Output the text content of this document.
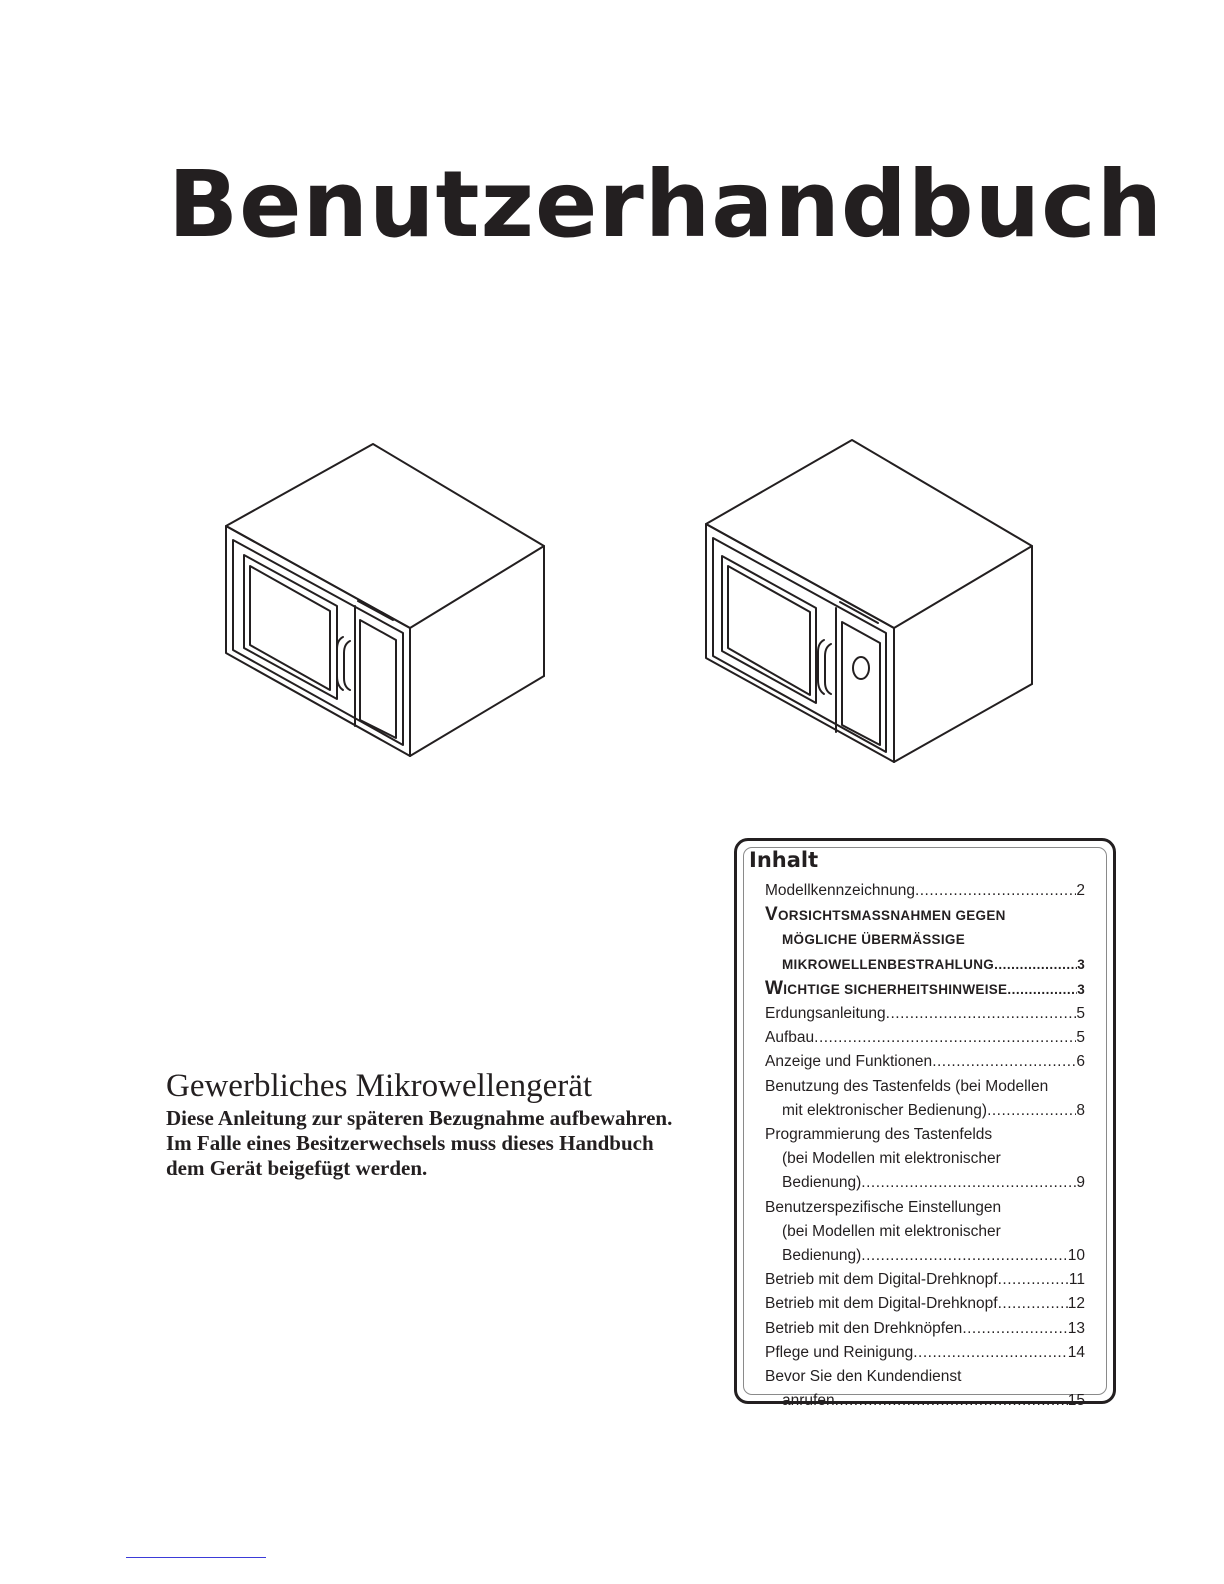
Benutzerhandbuch
Gewerbliches Mikrowellengerät

Diese Anleitung zur späteren Bezugnahme aufbewahren.
Im Falle eines Besitzerwechsels muss dieses Handbuch
dem Gerät beigefügt werden.

Inhalt
Modellkennzeichnung .....	2
VORSICHTSMASSNAHMEN GEGEN
MÖGLICHE ÜBERMÄSSIGE
MIKROWELLENBESTRAHLUNG .....	3
WICHTIGE SICHERHEITSHINWEISE .....	3
Erdungsanleitung .....	5
Aufbau .....	5
Anzeige und Funktionen .....	6
Benutzung des Tastenfelds (bei Modellen
mit elektronischer Bedienung) .....	8
Programmierung des Tastenfelds
(bei Modellen mit elektronischer
Bedienung) .....	9
Benutzerspezifische Einstellungen
(bei Modellen mit elektronischer
Bedienung) .....	10
Betrieb mit dem Digital-Drehknopf .....	11
Betrieb mit dem Digital-Drehknopf .....	12
Betrieb mit den Drehknöpfen .....	13
Pflege und Reinigung .....	14
Bevor Sie den Kundendienst
anrufen .....	15
